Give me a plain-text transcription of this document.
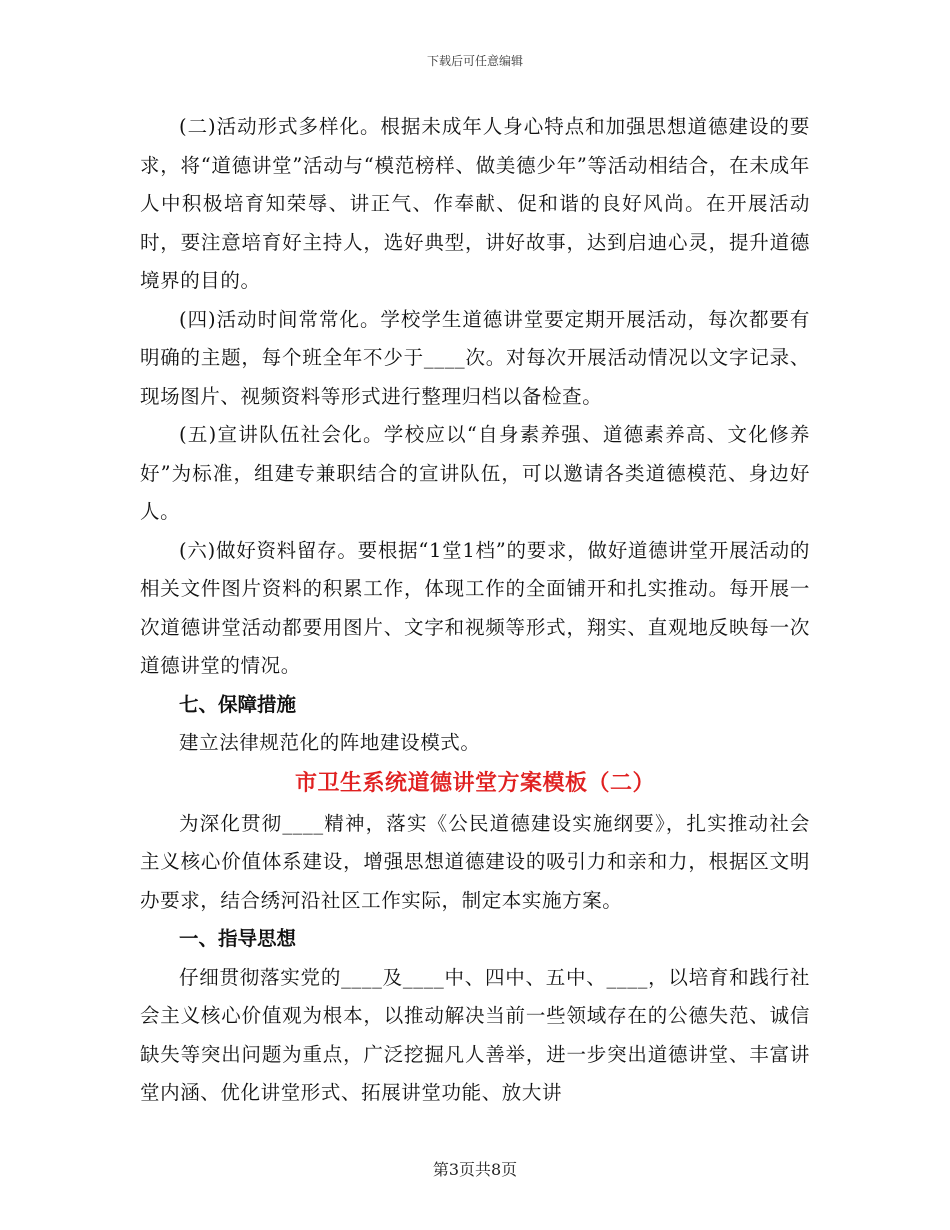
下载后可任意编辑

(二)活动形式多样化。根据未成年人身心特点和加强思想道德建设的要求，将“道德讲堂”活动与“模范榜样、做美德少年”等活动相结合，在未成年人中积极培育知荣辱、讲正气、作奉献、促和谐的良好风尚。在开展活动时，要注意培育好主持人，选好典型，讲好故事，达到启迪心灵，提升道德境界的目的。

(四)活动时间常常化。学校学生道德讲堂要定期开展活动，每次都要有明确的主题，每个班全年不少于____次。对每次开展活动情况以文字记录、现场图片、视频资料等形式进行整理归档以备检查。

(五)宣讲队伍社会化。学校应以“自身素养强、道德素养高、文化修养好”为标准，组建专兼职结合的宣讲队伍，可以邀请各类道德模范、身边好人。

(六)做好资料留存。要根据“1堂1档”的要求，做好道德讲堂开展活动的相关文件图片资料的积累工作，体现工作的全面铺开和扎实推动。每开展一次道德讲堂活动都要用图片、文字和视频等形式，翔实、直观地反映每一次道德讲堂的情况。

七、保障措施

建立法律规范化的阵地建设模式。

市卫生系统道德讲堂方案模板（二）

为深化贯彻____精神，落实《公民道德建设实施纲要》，扎实推动社会主义核心价值体系建设，增强思想道德建设的吸引力和亲和力，根据区文明办要求，结合绣河沿社区工作实际，制定本实施方案。

一、指导思想

仔细贯彻落实党的____及____中、四中、五中、____，以培育和践行社会主义核心价值观为根本，以推动解决当前一些领域存在的公德失范、诚信缺失等突出问题为重点，广泛挖掘凡人善举，进一步突出道德讲堂、丰富讲堂内涵、优化讲堂形式、拓展讲堂功能、放大讲

第3页共8页
